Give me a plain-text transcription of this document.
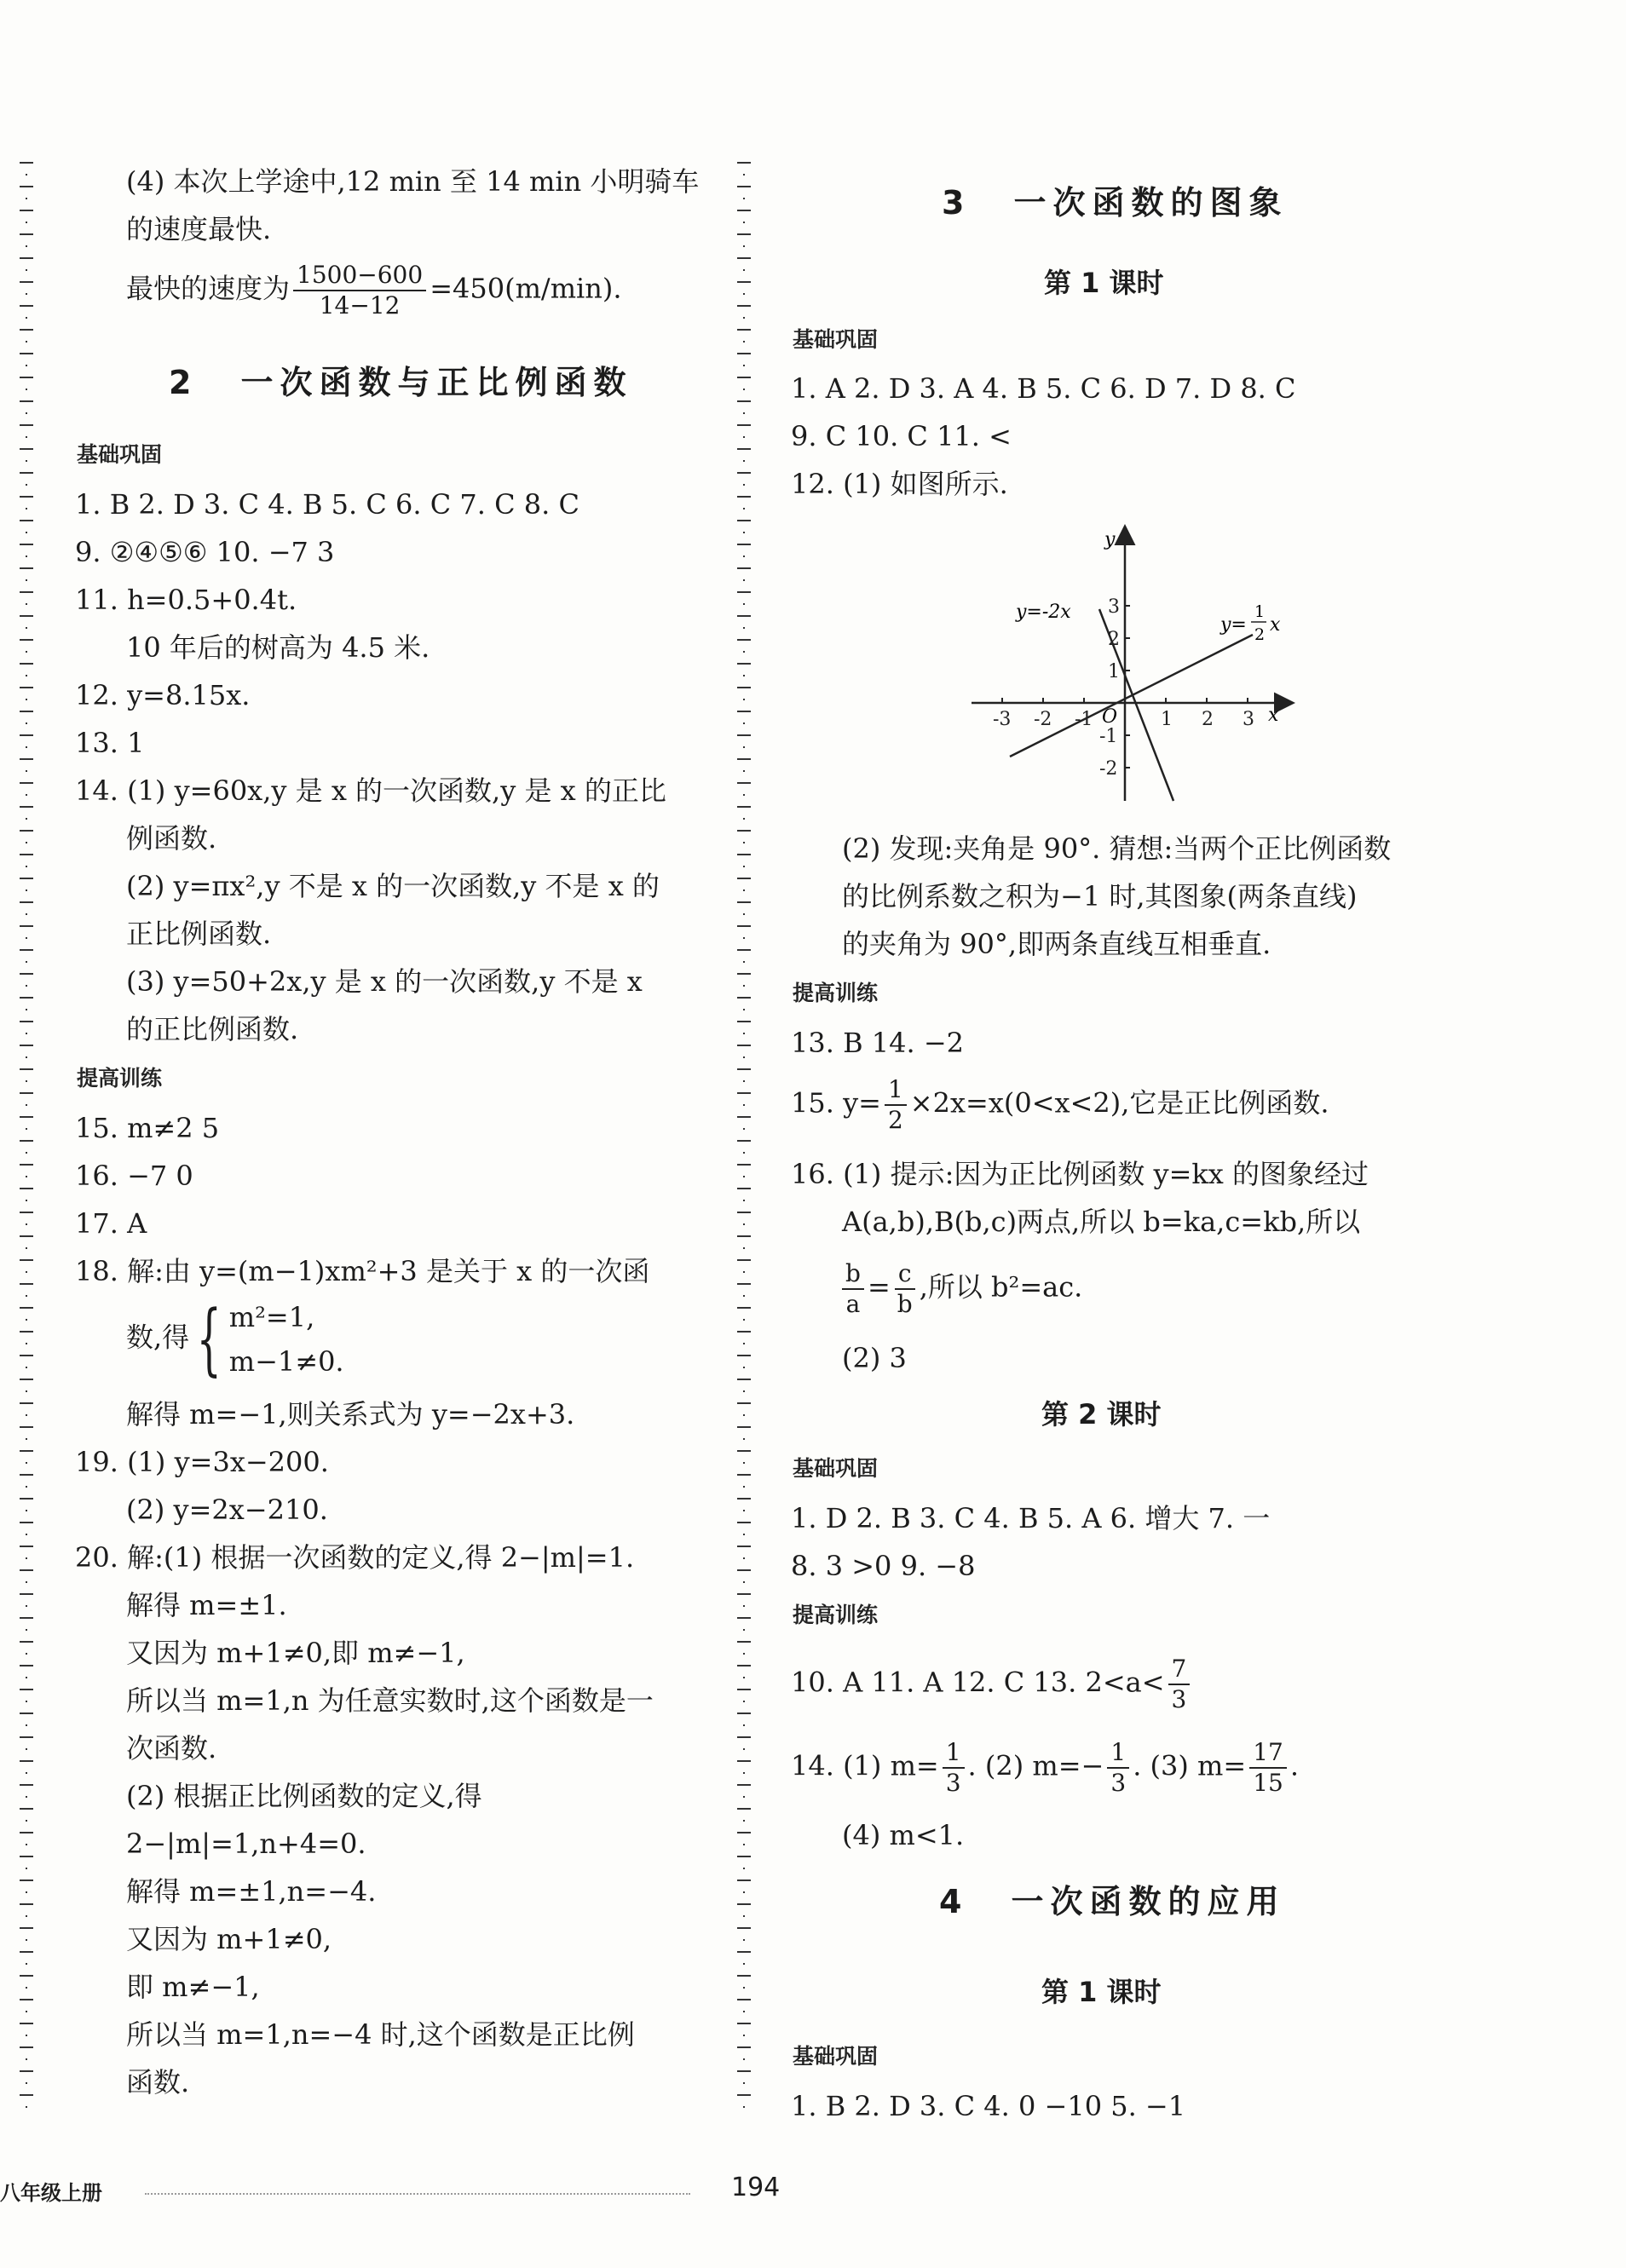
(4) 本次上学途中,12 min 至 14 min 小明骑车
的速度最快.
最快的速度为 $\frac{1500-600}{14-12} =450(m/\min)$.
2 一次函数与正比例函数
基础巩固
1. B 2. D 3. C 4. B 5. C 6. C 7. C 8. C
9. ②④⑤⑥ 10. −7 3
11. h=0.5+0.4t.
10 年后的树高为 4.5 米.
12. y=8.15x.
13. 1
14. (1) y=60x,y 是 x 的一次函数,y 是 x 的正比
例函数.
(2) y=πx²,y 不是 x 的一次函数,y 不是 x 的
正比例函数.
(3) y=50+2x,y 是 x 的一次函数,y 不是 x
的正比例函数.
提高训练
15. m≠2 5
16. −7 0
17. A
18. 解:由 y=(m−1)xm²+3 是关于 x 的一次函
数,得{ m²=1,
m−1≠0.
解得 m=−1,则关系式为 y=−2x+3.
19. (1) y=3x−200.
(2) y=2x−210.
20. 解:(1) 根据一次函数的定义,得 2−|m|=1.
解得 m=±1.
又因为 m+1≠0,即 m≠−1,
所以当 m=1,n 为任意实数时,这个函数是一
次函数.
(2) 根据正比例函数的定义,得
2−|m|=1,n+4=0.
解得 m=±1,n=−4.
又因为 m+1≠0,
即 m≠−1,
所以当 m=1,n=−4 时,这个函数是正比例
函数.
3 一次函数的图象
第 1 课时
基础巩固
1. A 2. D 3. A 4. B 5. C 6. D 7. D 8. C
9. C 10. C 11. <
12. (1) 如图所示.
-3 -2 -1	1 2 3
3
2
1
-1
-2
y=-2x
y=
1
2 x
x
y
O
(2) 发现:夹角是 90°. 猜想:当两个正比例函数
的比例系数之积为−1 时,其图象(两条直线)
的夹角为 90°,即两条直线互相垂直.
提高训练
13. B 14. −2
15. $y= \frac{1}{2} \times 2x=x(0<x<2)$,它是正比例函数.
16. (1) 提示:因为正比例函数 y=kx 的图象经过
A(a,b),B(b,c)两点,所以 b=ka,c=kb,所以
$\frac{b}{a} = \frac{c}{b}$ ,所以 b²=ac.
(2) 3
第 2 课时
基础巩固
1. D 2. B 3. C 4. B 5. A 6. 增大 7. 一
8. 3 >0 9. −8
提高训练
10. A 11. A 12. C 13. $2<a< \frac{7}{3}$
14. (1) $m= \frac{1}{3}$ . (2) $m=- \frac{1}{3}$ . (3) $m= \frac{17}{15}$ .
(4) m<1.
4 一次函数的应用
第 1 课时
基础巩固
1. B 2. D 3. C 4. 0 −10 5. −1
八年级上册	194
